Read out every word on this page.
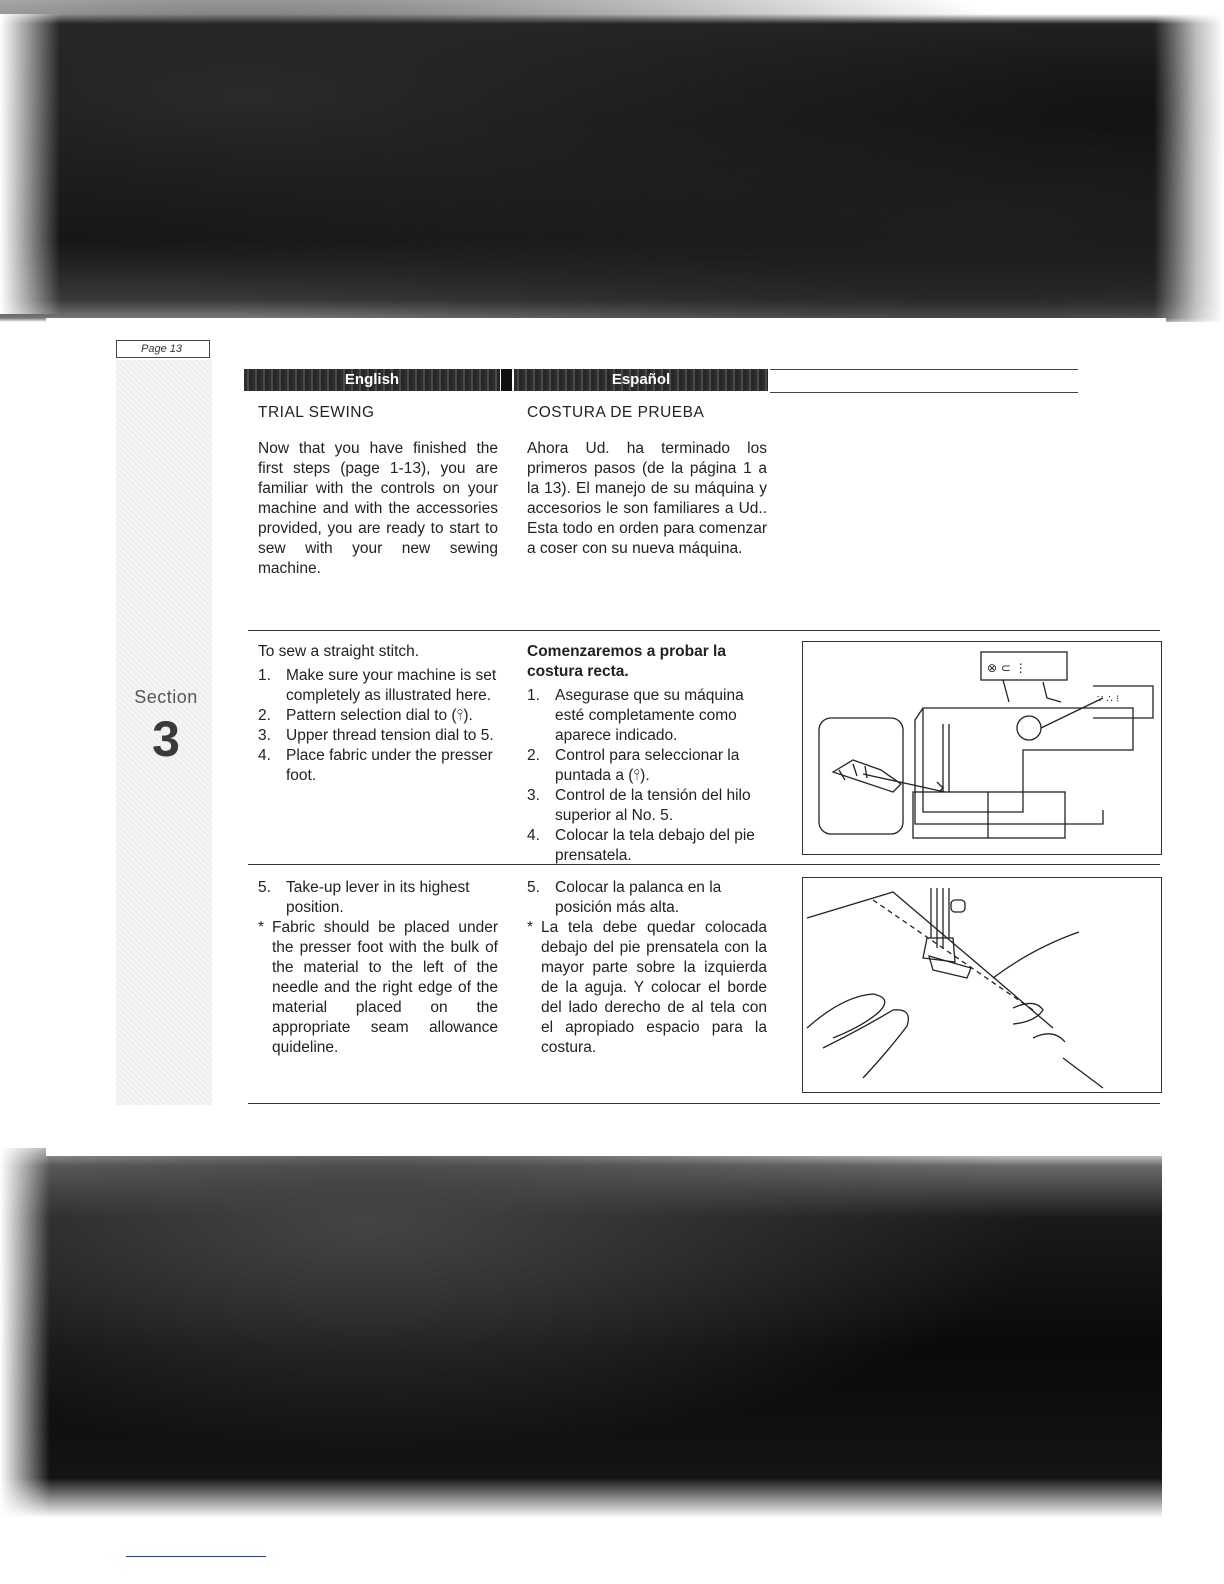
Page 13
Section
3
English	Español

TRIAL SEWING

Now that you have finished the first steps (page 1-13), you are familiar with the controls on your machine and with the accessories provided, you are ready to start to sew with your new sewing machine.

COSTURA DE PRUEBA

Ahora Ud. ha terminado los primeros pasos (de la página 1 a la 13). El manejo de su máquina y accesorios le son familiares a Ud.. Esta todo en orden para comenzar a coser con su nueva máquina.

To sew a straight stitch.

1. Make sure your machine is set completely as illustrated here.
2. Pattern selection dial to (⫯).
3. Upper thread tension dial to 5.
4. Place fabric under the presser foot.

Comenzaremos a probar la costura recta.

1. Asegurase que su máquina esté completamente como aparece indicado.
2. Control para seleccionar la puntada a (⫯).
3. Control de la tensión del hilo superior al No. 5.
4. Colocar la tela debajo del pie prensatela.
⊗ ⊂ ⋮
∵ ∴ ⁝
5. Take-up lever in its highest position.
* Fabric should be placed under the presser foot with the bulk of the material to the left of the needle and the right edge of the material placed on the appropriate seam allowance quideline.
5. Colocar la palanca en la posición más alta.
* La tela debe quedar colocada debajo del pie prensatela con la mayor parte sobre la izquierda de la aguja. Y colocar el borde del lado derecho de al tela con el apropiado espacio para la costura.
